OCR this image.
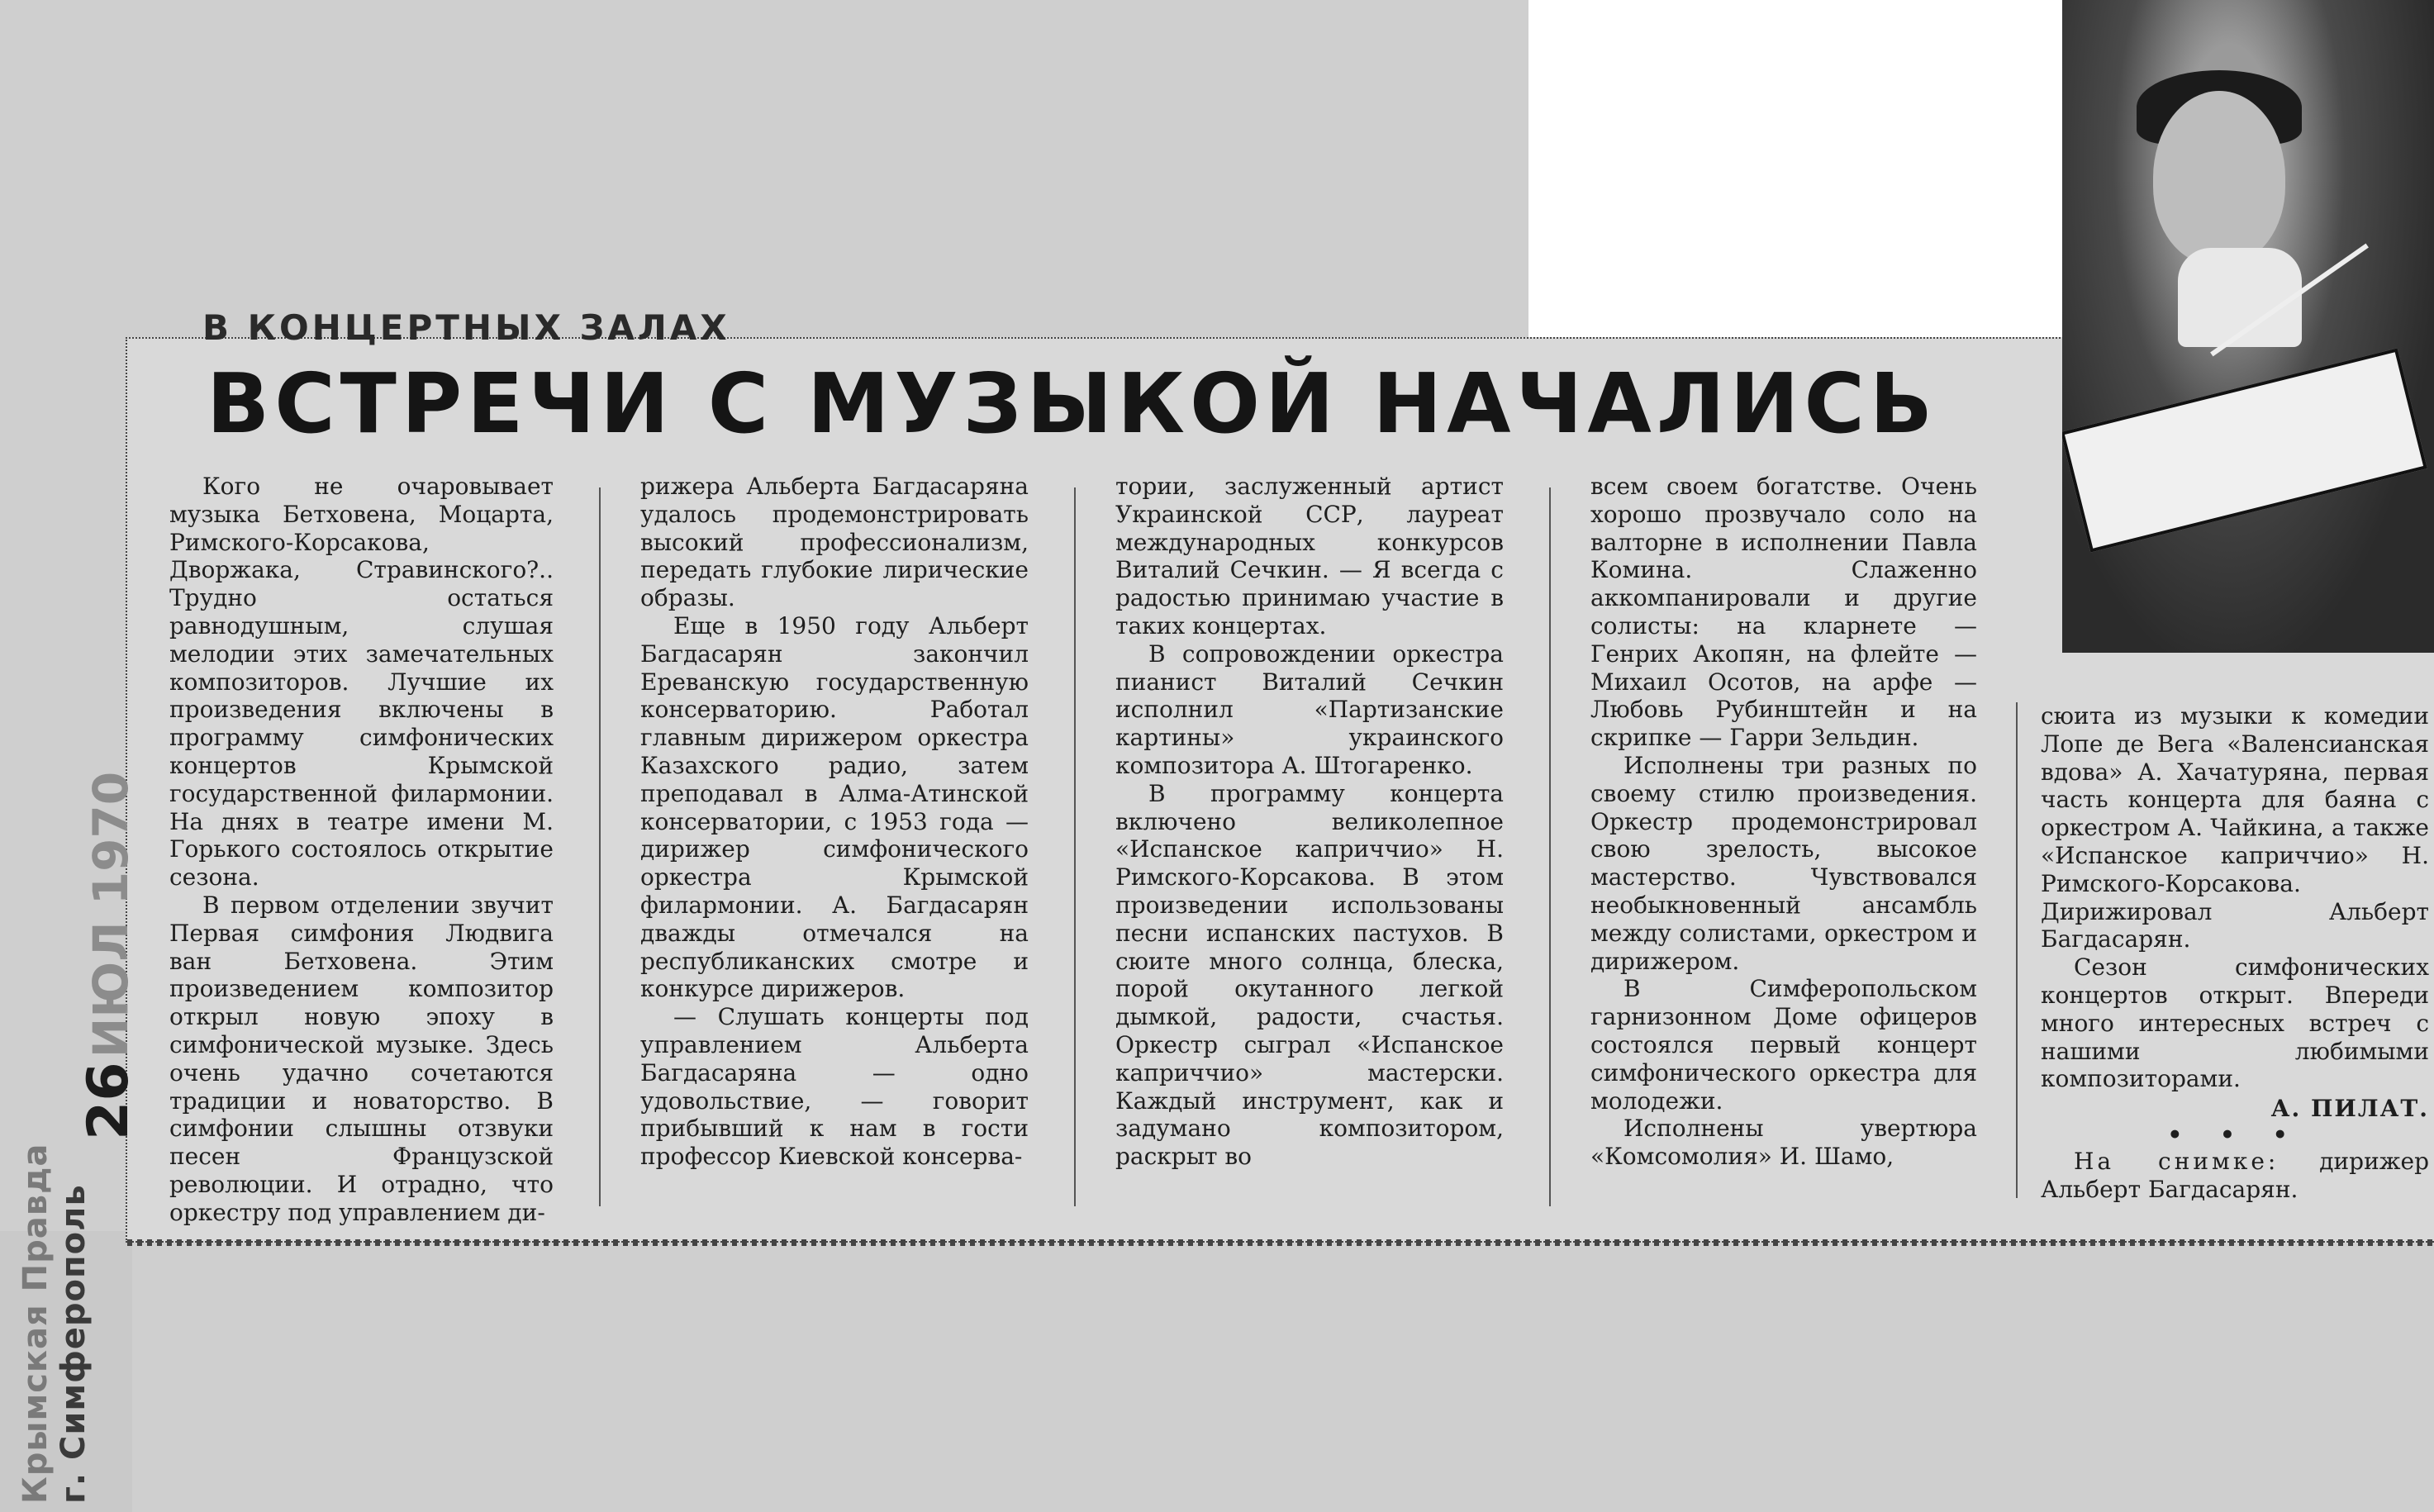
Крымская Правда г. Симферополь
26 ИЮЛ 1970
В КОНЦЕРТНЫХ ЗАЛАХ
ВСТРЕЧИ С МУЗЫКОЙ НАЧАЛИСЬ

Кого не очаровывает музыка Бетховена, Моцарта, Римского-Корсакова, Дворжака, Стравинского?.. Трудно остаться равнодушным, слушая мелодии этих замечательных композиторов. Лучшие их произведения включены в программу симфонических концертов Крымской государственной филармонии. На днях в театре имени М. Горького состоялось открытие сезона.

В первом отделении звучит Первая симфония Людвига ван Бетховена. Этим произведением композитор открыл новую эпоху в симфонической музыке. Здесь очень удачно сочетаются традиции и новаторство. В симфонии слышны отзвуки песен Французской революции. И отрадно, что оркестру под управлением ди-

рижера Альберта Багдасаряна удалось продемонстрировать высокий профессионализм, передать глубокие лирические образы.

Еще в 1950 году Альберт Багдасарян закончил Ереванскую государственную консерваторию. Работал главным дирижером оркестра Казахского радио, затем преподавал в Алма-Атинской консерватории, с 1953 года — дирижер симфонического оркестра Крымской филармонии. А. Багдасарян дважды отмечался на республиканских смотре и конкурсе дирижеров.

— Слушать концерты под управлением Альберта Багдасаряна — одно удовольствие, — говорит прибывший к нам в гости профессор Киевской консерва-

тории, заслуженный артист Украинской ССР, лауреат международных конкурсов Виталий Сечкин. — Я всегда с радостью принимаю участие в таких концертах.

В сопровождении оркестра пианист Виталий Сечкин исполнил «Партизанские картины» украинского композитора А. Штогаренко.

В программу концерта включено великолепное «Испанское каприччио» Н. Римского-Корсакова. В этом произведении использованы песни испанских пастухов. В сюите много солнца, блеска, порой окутанного легкой дымкой, радости, счастья. Оркестр сыграл «Испанское каприччио» мастерски. Каждый инструмент, как и задумано композитором, раскрыт во

всем своем богатстве. Очень хорошо прозвучало соло на валторне в исполнении Павла Комина. Слаженно аккомпанировали и другие солисты: на кларнете — Генрих Акопян, на флейте — Михаил Осотов, на арфе — Любовь Рубинштейн и на скрипке — Гарри Зельдин.

Исполнены три разных по своему стилю произведения. Оркестр продемонстрировал свою зрелость, высокое мастерство. Чувствовался необыкновенный ансамбль между солистами, оркестром и дирижером.

В Симферопольском гарнизонном Доме офицеров состоялся первый концерт симфонического оркестра для молодежи.

Исполнены увертюра «Комсомолия» И. Шамо,

сюита из музыки к комедии Лопе де Вега «Валенсианская вдова» А. Хачатуряна, первая часть концерта для баяна с оркестром А. Чайкина, а также «Испанское каприччио» Н. Римского-Корсакова. Дирижировал Альберт Багдасарян.

Сезон симфонических концертов открыт. Впереди много интересных встреч с нашими любимыми композиторами.

А. ПИЛАТ.
• • •

На снимке: дирижер Альберт Багдасарян.
